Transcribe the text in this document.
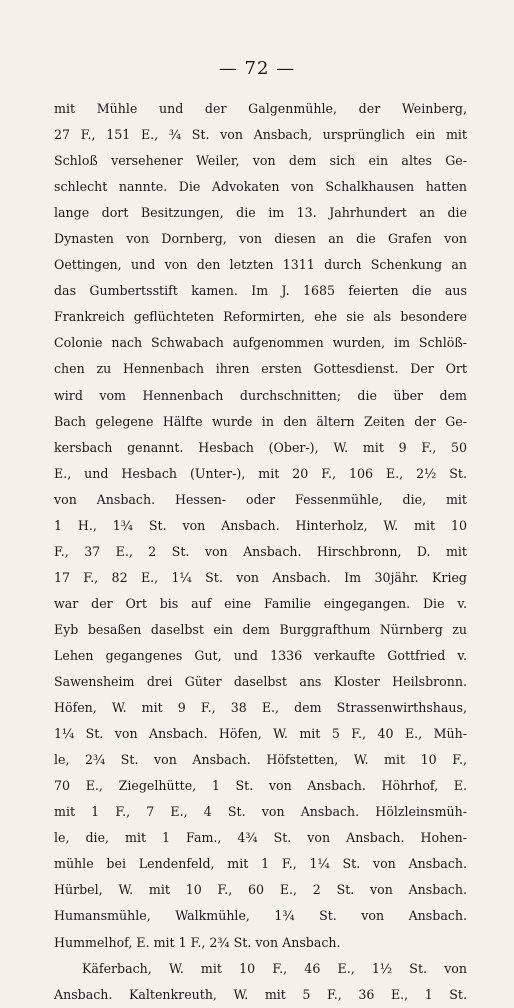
— 72 —
mit Mühle und der Galgenmühle, der Weinberg,
27 F., 151 E., ¾ St. von Ansbach, ursprünglich ein mit
Schloß versehener Weiler, von dem sich ein altes Ge-
schlecht nannte. Die Advokaten von Schalkhausen hatten
lange dort Besitzungen, die im 13. Jahrhundert an die
Dynasten von Dornberg, von diesen an die Grafen von
Oettingen, und von den letzten 1311 durch Schenkung an
das Gumbertsstift kamen. Im J. 1685 feierten die aus
Frankreich geflüchteten Reformirten, ehe sie als besondere
Colonie nach Schwabach aufgenommen wurden, im Schlöß-
chen zu Hennenbach ihren ersten Gottesdienst. Der Ort
wird vom Hennenbach durchschnitten; die über dem
Bach gelegene Hälfte wurde in den ältern Zeiten der Ge-
kersbach genannt. Hesbach (Ober-), W. mit 9 F., 50
E., und Hesbach (Unter-), mit 20 F., 106 E., 2½ St.
von Ansbach. Hessen- oder Fessenmühle, die, mit
1 H., 1¾ St. von Ansbach. Hinterholz, W. mit 10
F., 37 E., 2 St. von Ansbach. Hirschbronn, D. mit
17 F., 82 E., 1¼ St. von Ansbach. Im 30jähr. Krieg
war der Ort bis auf eine Familie eingegangen. Die v.
Eyb besaßen daselbst ein dem Burggrafthum Nürnberg zu
Lehen gegangenes Gut, und 1336 verkaufte Gottfried v.
Sawensheim drei Güter daselbst ans Kloster Heilsbronn.
Höfen, W. mit 9 F., 38 E., dem Strassenwirthshaus,
1¼ St. von Ansbach. Höfen, W. mit 5 F., 40 E., Müh-
le, 2¾ St. von Ansbach. Höfstetten, W. mit 10 F.,
70 E., Ziegelhütte, 1 St. von Ansbach. Höhrhof, E.
mit 1 F., 7 E., 4 St. von Ansbach. Hölzleinsmüh-
le, die, mit 1 Fam., 4¾ St. von Ansbach. Hohen-
mühle bei Lendenfeld, mit 1 F., 1¼ St. von Ansbach.
Hürbel, W. mit 10 F., 60 E., 2 St. von Ansbach.
Humansmühle, Walkmühle, 1¾ St. von Ansbach.
Hummelhof, E. mit 1 F., 2¾ St. von Ansbach.
Käferbach, W. mit 10 F., 46 E., 1½ St. von
Ansbach. Kaltenkreuth, W. mit 5 F., 36 E., 1 St.
